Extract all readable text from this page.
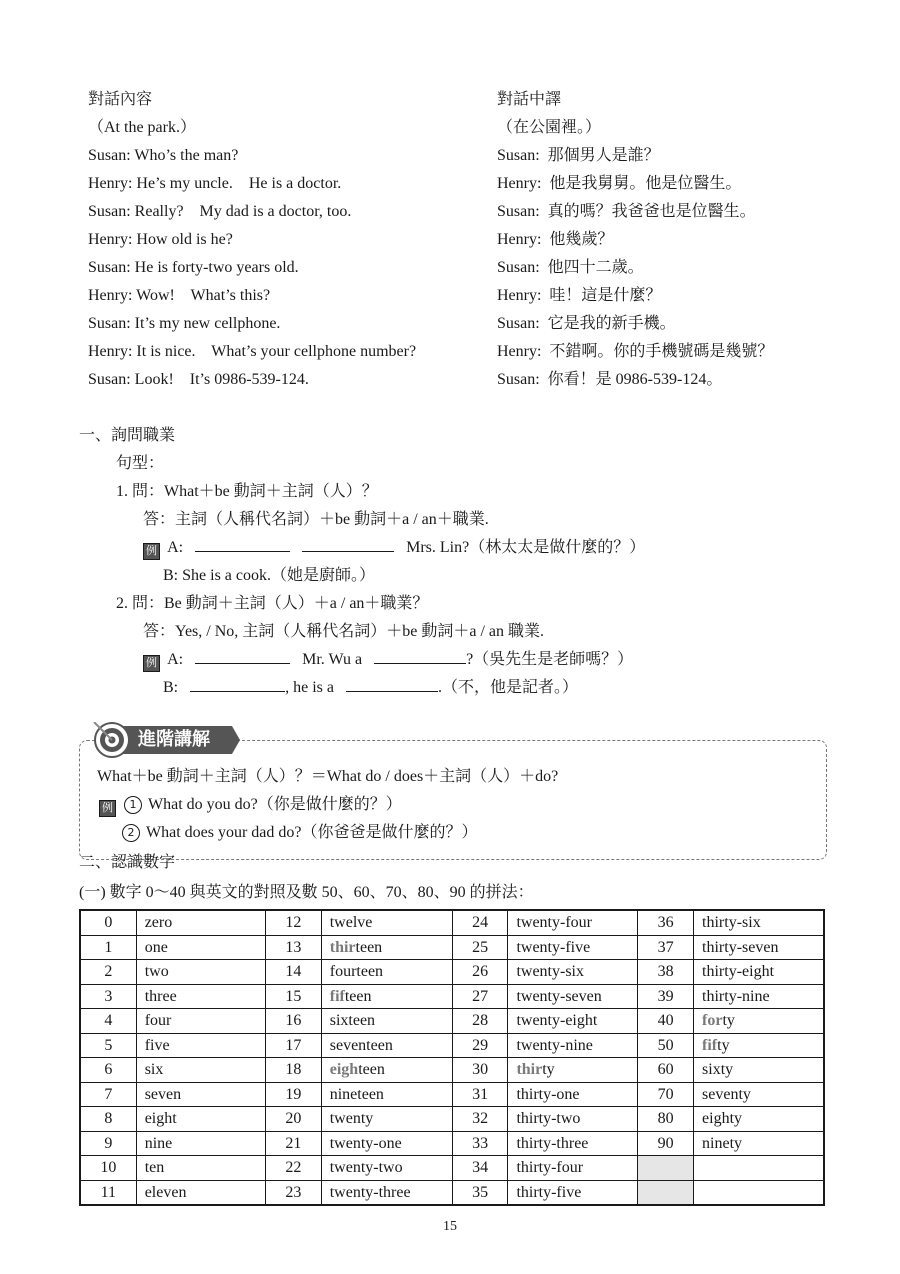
對話內容	對話中譯
（At the park.）
Susan: Who’s the man?
Henry: He’s my uncle.    He is a doctor.
Susan: Really?    My dad is a doctor, too.
Henry: How old is he?
Susan: He is forty-two years old.
Henry: Wow!    What’s this?
Susan: It’s my new cellphone.
Henry: It is nice.    What’s your cellphone number?
Susan: Look!    It’s 0986-539-124.
（在公園裡。）
Susan:  那個男人是誰？
Henry:  他是我舅舅。他是位醫生。
Susan:  真的嗎？我爸爸也是位醫生。
Henry:  他幾歲？
Susan:  他四十二歲。
Henry:  哇！這是什麼？
Susan:  它是我的新手機。
Henry:  不錯啊。你的手機號碼是幾號？
Susan:  你看！是 0986-539-124。
一、詢問職業
句型：
1. 問：What＋be 動詞＋主詞（人）？
答：主詞（人稱代名詞）＋be 動詞＋a / an＋職業.
例 A:	Mrs. Lin?（林太太是做什麼的？）
B: She is a cook.（她是廚師。）
2. 問：Be 動詞＋主詞（人）＋a / an＋職業？
答：Yes, / No, 主詞（人稱代名詞）＋be 動詞＋a / an 職業.
例 A:	Mr. Wu a	?（吳先生是老師嗎？）
B:	, he is a	.（不，他是記者。）
進階講解
What＋be 動詞＋主詞（人）？＝What do / does＋主詞（人）＋do?
例 1 What do you do?（你是做什麼的？）
2 What does your dad do?（你爸爸是做什麼的？）
二、認識數字
(一) 數字 0～40 與英文的對照及數 50、60、70、80、90 的拼法：
0	zero	12	twelve	24	twenty-four	36	thirty-six
1	one	13	thirteen	25	twenty-five	37	thirty-seven
2	two	14	fourteen	26	twenty-six	38	thirty-eight
3	three	15	fifteen	27	twenty-seven	39	thirty-nine
4	four	16	sixteen	28	twenty-eight	40	forty
5	five	17	seventeen	29	twenty-nine	50	fifty
6	six	18	eighteen	30	thirty	60	sixty
7	seven	19	nineteen	31	thirty-one	70	seventy
8	eight	20	twenty	32	thirty-two	80	eighty
9	nine	21	twenty-one	33	thirty-three	90	ninety
10	ten	22	twenty-two	34	thirty-four		
11	eleven	23	twenty-three	35	thirty-five		
15
